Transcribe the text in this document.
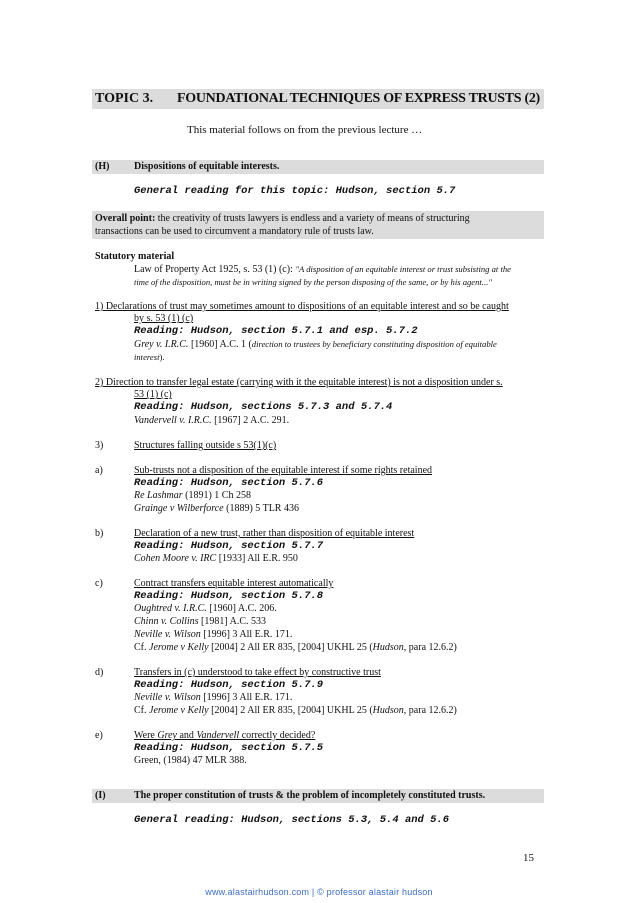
TOPIC 3. FOUNDATIONAL TECHNIQUES OF EXPRESS TRUSTS (2)
This material follows on from the previous lecture …
(H) Dispositions of equitable interests.
General reading for this topic: Hudson, section 5.7
Overall point: the creativity of trusts lawyers is endless and a variety of means of structuring
transactions can be used to circumvent a mandatory rule of trusts law.
Statutory material
Law of Property Act 1925, s. 53 (1) (c): "A disposition of an equitable interest or trust subsisting at the
time of the disposition, must be in writing signed by the person disposing of the same, or by his agent..."
1) Declarations of trust may sometimes amount to dispositions of an equitable interest and so be caught
by s. 53 (1) (c)
Reading: Hudson, section 5.7.1 and esp. 5.7.2
Grey v. I.R.C. [1960] A.C. 1 (direction to trustees by beneficiary constituting disposition of equitable
interest).
2) Direction to transfer legal estate (carrying with it the equitable interest) is not a disposition under s.
53 (1) (c)
Reading: Hudson, sections 5.7.3 and 5.7.4
Vandervell v. I.R.C. [1967] 2 A.C. 291.
3)	Structures falling outside s 53(1)(c)
a)	Sub-trusts not a disposition of the equitable interest if some rights retained
Reading: Hudson, section 5.7.6
Re Lashmar (1891) 1 Ch 258
Grainge v Wilberforce (1889) 5 TLR 436
b)	Declaration of a new trust, rather than disposition of equitable interest
Reading: Hudson, section 5.7.7
Cohen Moore v. IRC [1933] All E.R. 950
c)	Contract transfers equitable interest automatically
Reading: Hudson, section 5.7.8
Oughtred v. I.R.C. [1960] A.C. 206.
Chinn v. Collins [1981] A.C. 533
Neville v. Wilson [1996] 3 All E.R. 171.
Cf. Jerome v Kelly [2004] 2 All ER 835, [2004] UKHL 25 (Hudson, para 12.6.2)
d)	Transfers in (c) understood to take effect by constructive trust
Reading: Hudson, section 5.7.9
Neville v. Wilson [1996] 3 All E.R. 171.
Cf. Jerome v Kelly [2004] 2 All ER 835, [2004] UKHL 25 (Hudson, para 12.6.2)
e)	Were Grey and Vandervell correctly decided?
Reading: Hudson, section 5.7.5
Green, (1984) 47 MLR 388.
(I)	The proper constitution of trusts & the problem of incompletely constituted trusts.
General reading: Hudson, sections 5.3, 5.4 and 5.6
15
www.alastairhudson.com | © professor alastair hudson
